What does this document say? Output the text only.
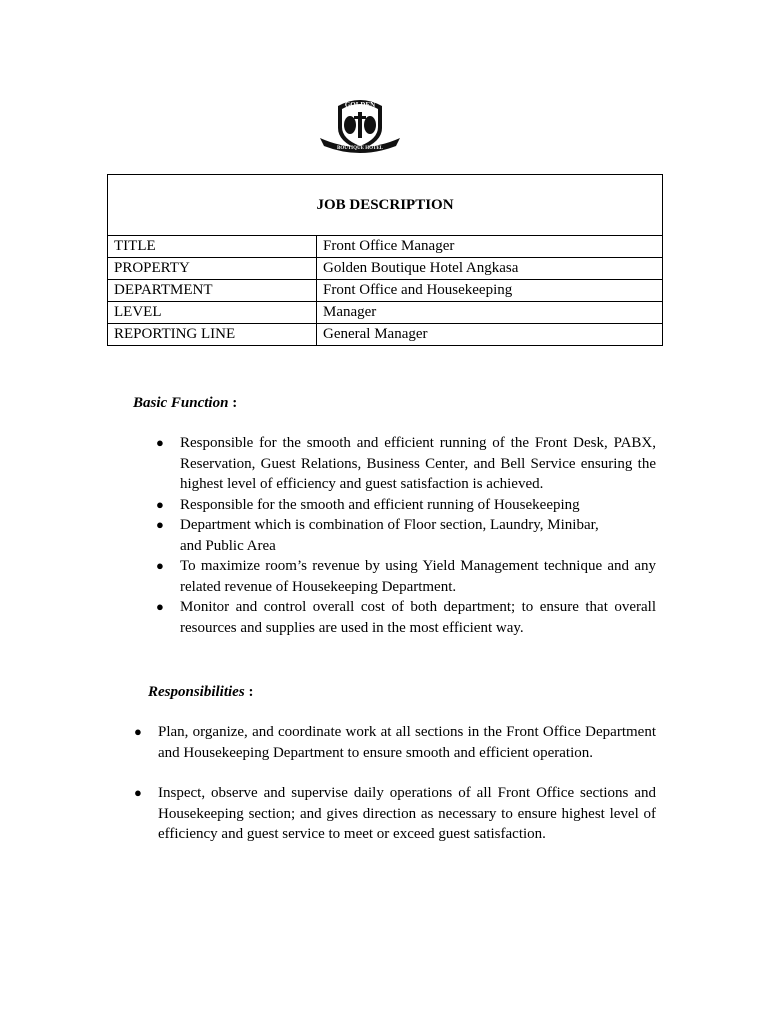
GOLDEN
BOUTIQUE HOTEL
JOB DESCRIPTION	
TITLE	Front Office Manager
PROPERTY	Golden Boutique Hotel Angkasa
DEPARTMENT	Front Office and Housekeeping
LEVEL	Manager
REPORTING LINE	General Manager
Basic Function :
●	Responsible for the smooth and efficient running of the Front Desk, PABX, Reservation, Guest Relations, Business Center, and Bell Service ensuring the highest level of efficiency and guest satisfaction is achieved.
●	Responsible for the smooth and efficient running of Housekeeping
●	Department which is combination of Floor section, Laundry, Minibar, and Public Area
●	To maximize room’s revenue by using Yield Management technique and any related revenue of Housekeeping Department.
●	Monitor and control overall cost of both department; to ensure that overall resources and supplies are used in the most efficient way.
Responsibilities :
●	Plan, organize, and coordinate work at all sections in the Front Office Department and Housekeeping Department to ensure smooth and efficient operation.
●	Inspect, observe and supervise daily operations of all Front Office sections and Housekeeping section; and gives direction as necessary to ensure highest level of efficiency and guest service to meet or exceed guest satisfaction.
